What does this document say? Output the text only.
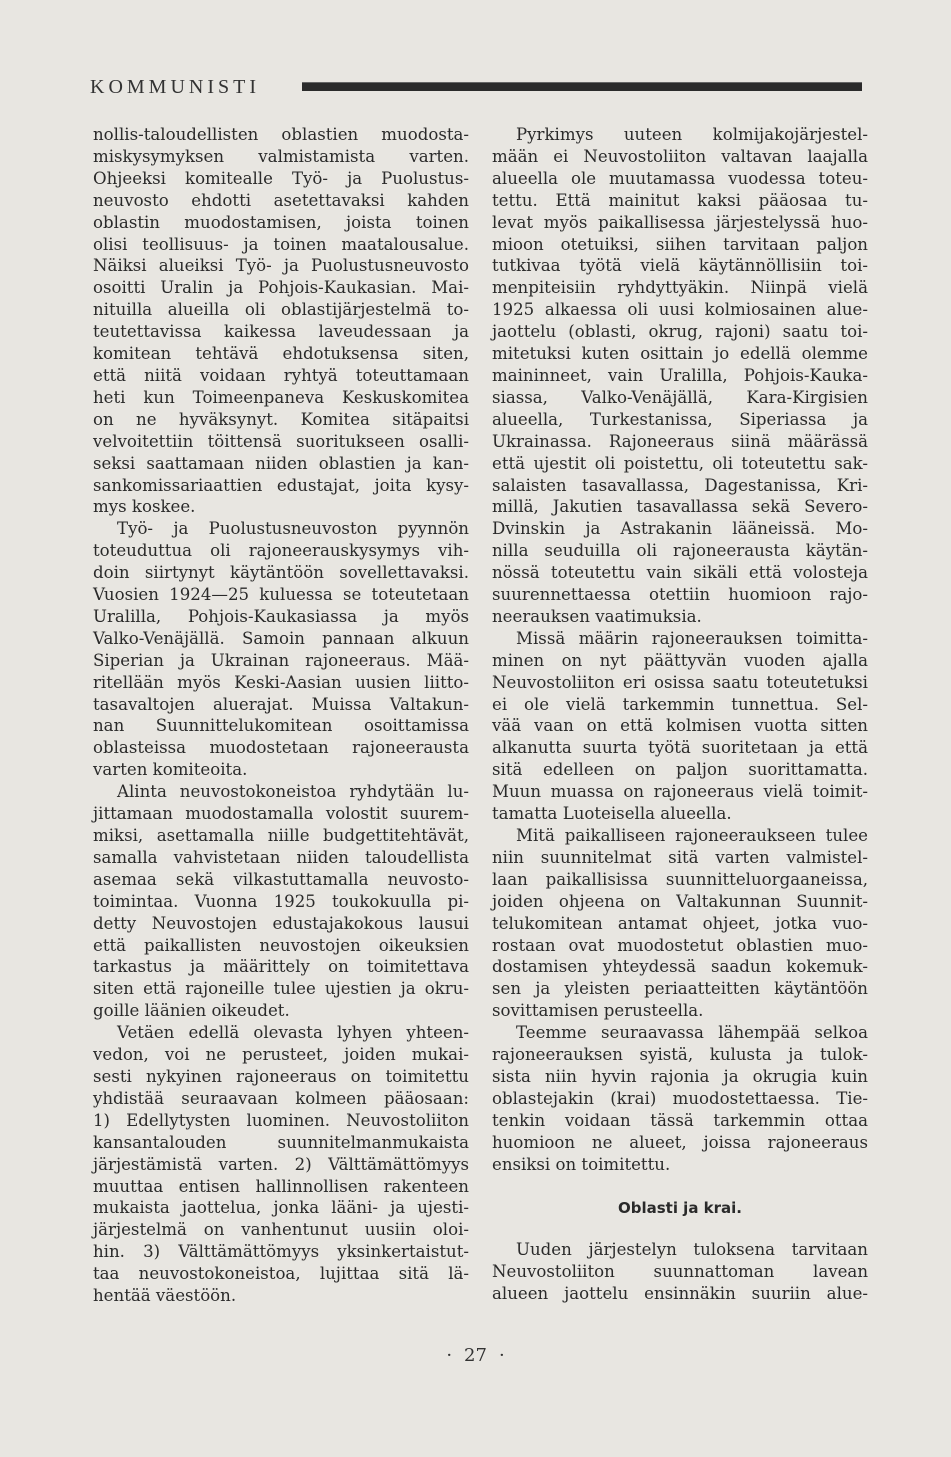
KOMMUNISTI
nollis-taloudellisten oblastien muodosta-
miskysymyksen valmistamista varten.
Ohjeeksi komitealle Työ- ja Puolustus-
neuvosto ehdotti asetettavaksi kahden
oblastin muodostamisen, joista toinen
olisi teollisuus- ja toinen maatalousalue.
Näiksi alueiksi Työ- ja Puolustusneuvosto
osoitti Uralin ja Pohjois-Kaukasian. Mai-
nituilla alueilla oli oblastijärjestelmä to-
teutettavissa kaikessa laveudessaan ja
komitean tehtävä ehdotuksensa siten,
että niitä voidaan ryhtyä toteuttamaan
heti kun Toimeenpaneva Keskuskomitea
on ne hyväksynyt. Komitea sitäpaitsi
velvoitettiin töittensä suoritukseen osalli-
seksi saattamaan niiden oblastien ja kan-
sankomissariaattien edustajat, joita kysy-
mys koskee.
Työ- ja Puolustusneuvoston pyynnön
toteuduttua oli rajoneerauskysymys vih-
doin siirtynyt käytäntöön sovellettavaksi.
Vuosien 1924—25 kuluessa se toteutetaan
Uralilla, Pohjois-Kaukasiassa ja myös
Valko-Venäjällä. Samoin pannaan alkuun
Siperian ja Ukrainan rajoneeraus. Mää-
ritellään myös Keski-Aasian uusien liitto-
tasavaltojen aluerajat. Muissa Valtakun-
nan Suunnittelukomitean osoittamissa
oblasteissa muodostetaan rajoneerausta
varten komiteoita.
Alinta neuvostokoneistoa ryhdytään lu-
jittamaan muodostamalla volostit suurem-
miksi, asettamalla niille budgettitehtävät,
samalla vahvistetaan niiden taloudellista
asemaa sekä vilkastuttamalla neuvosto-
toimintaa. Vuonna 1925 toukokuulla pi-
detty Neuvostojen edustajakokous lausui
että paikallisten neuvostojen oikeuksien
tarkastus ja määrittely on toimitettava
siten että rajoneille tulee ujestien ja okru-
goille läänien oikeudet.
Vetäen edellä olevasta lyhyen yhteen-
vedon, voi ne perusteet, joiden mukai-
sesti nykyinen rajoneeraus on toimitettu
yhdistää seuraavaan kolmeen pääosaan:
1) Edellytysten luominen. Neuvostoliiton
kansantalouden suunnitelmanmukaista
järjestämistä varten. 2) Välttämättömyys
muuttaa entisen hallinnollisen rakenteen
mukaista jaottelua, jonka lääni- ja ujesti-
järjestelmä on vanhentunut uusiin oloi-
hin. 3) Välttämättömyys yksinkertaistut-
taa neuvostokoneistoa, lujittaa sitä lä-
hentää väestöön.
Pyrkimys uuteen kolmijakojärjestel-
mään ei Neuvostoliiton valtavan laajalla
alueella ole muutamassa vuodessa toteu-
tettu. Että mainitut kaksi pääosaa tu-
levat myös paikallisessa järjestelyssä huo-
mioon otetuiksi, siihen tarvitaan paljon
tutkivaa työtä vielä käytännöllisiin toi-
menpiteisiin ryhdyttyäkin. Niinpä vielä
1925 alkaessa oli uusi kolmiosainen alue-
jaottelu (oblasti, okrug, rajoni) saatu toi-
mitetuksi kuten osittain jo edellä olemme
maininneet, vain Uralilla, Pohjois-Kauka-
siassa, Valko-Venäjällä, Kara-Kirgisien
alueella, Turkestanissa, Siperiassa ja
Ukrainassa. Rajoneeraus siinä määrässä
että ujestit oli poistettu, oli toteutettu sak-
salaisten tasavallassa, Dagestanissa, Kri-
millä, Jakutien tasavallassa sekä Severo-
Dvinskin ja Astrakanin lääneissä. Mo-
nilla seuduilla oli rajoneerausta käytän-
nössä toteutettu vain sikäli että volosteja
suurennettaessa otettiin huomioon rajo-
neerauksen vaatimuksia.
Missä määrin rajoneerauksen toimitta-
minen on nyt päättyvän vuoden ajalla
Neuvostoliiton eri osissa saatu toteutetuksi
ei ole vielä tarkemmin tunnettua. Sel-
vää vaan on että kolmisen vuotta sitten
alkanutta suurta työtä suoritetaan ja että
sitä edelleen on paljon suorittamatta.
Muun muassa on rajoneeraus vielä toimit-
tamatta Luoteisella alueella.
Mitä paikalliseen rajoneeraukseen tulee
niin suunnitelmat sitä varten valmistel-
laan paikallisissa suunnitteluorgaaneissa,
joiden ohjeena on Valtakunnan Suunnit-
telukomitean antamat ohjeet, jotka vuo-
rostaan ovat muodostetut oblastien muo-
dostamisen yhteydessä saadun kokemuk-
sen ja yleisten periaatteitten käytäntöön
sovittamisen perusteella.
Teemme seuraavassa lähempää selkoa
rajoneerauksen syistä, kulusta ja tulok-
sista niin hyvin rajonia ja okrugia kuin
oblastejakin (krai) muodostettaessa. Tie-
tenkin voidaan tässä tarkemmin ottaa
huomioon ne alueet, joissa rajoneeraus
ensiksi on toimitettu.
Oblasti ja krai.
Uuden järjestelyn tuloksena tarvitaan
Neuvostoliiton suunnattoman lavean
alueen jaottelu ensinnäkin suuriin alue-
· 27 ·
